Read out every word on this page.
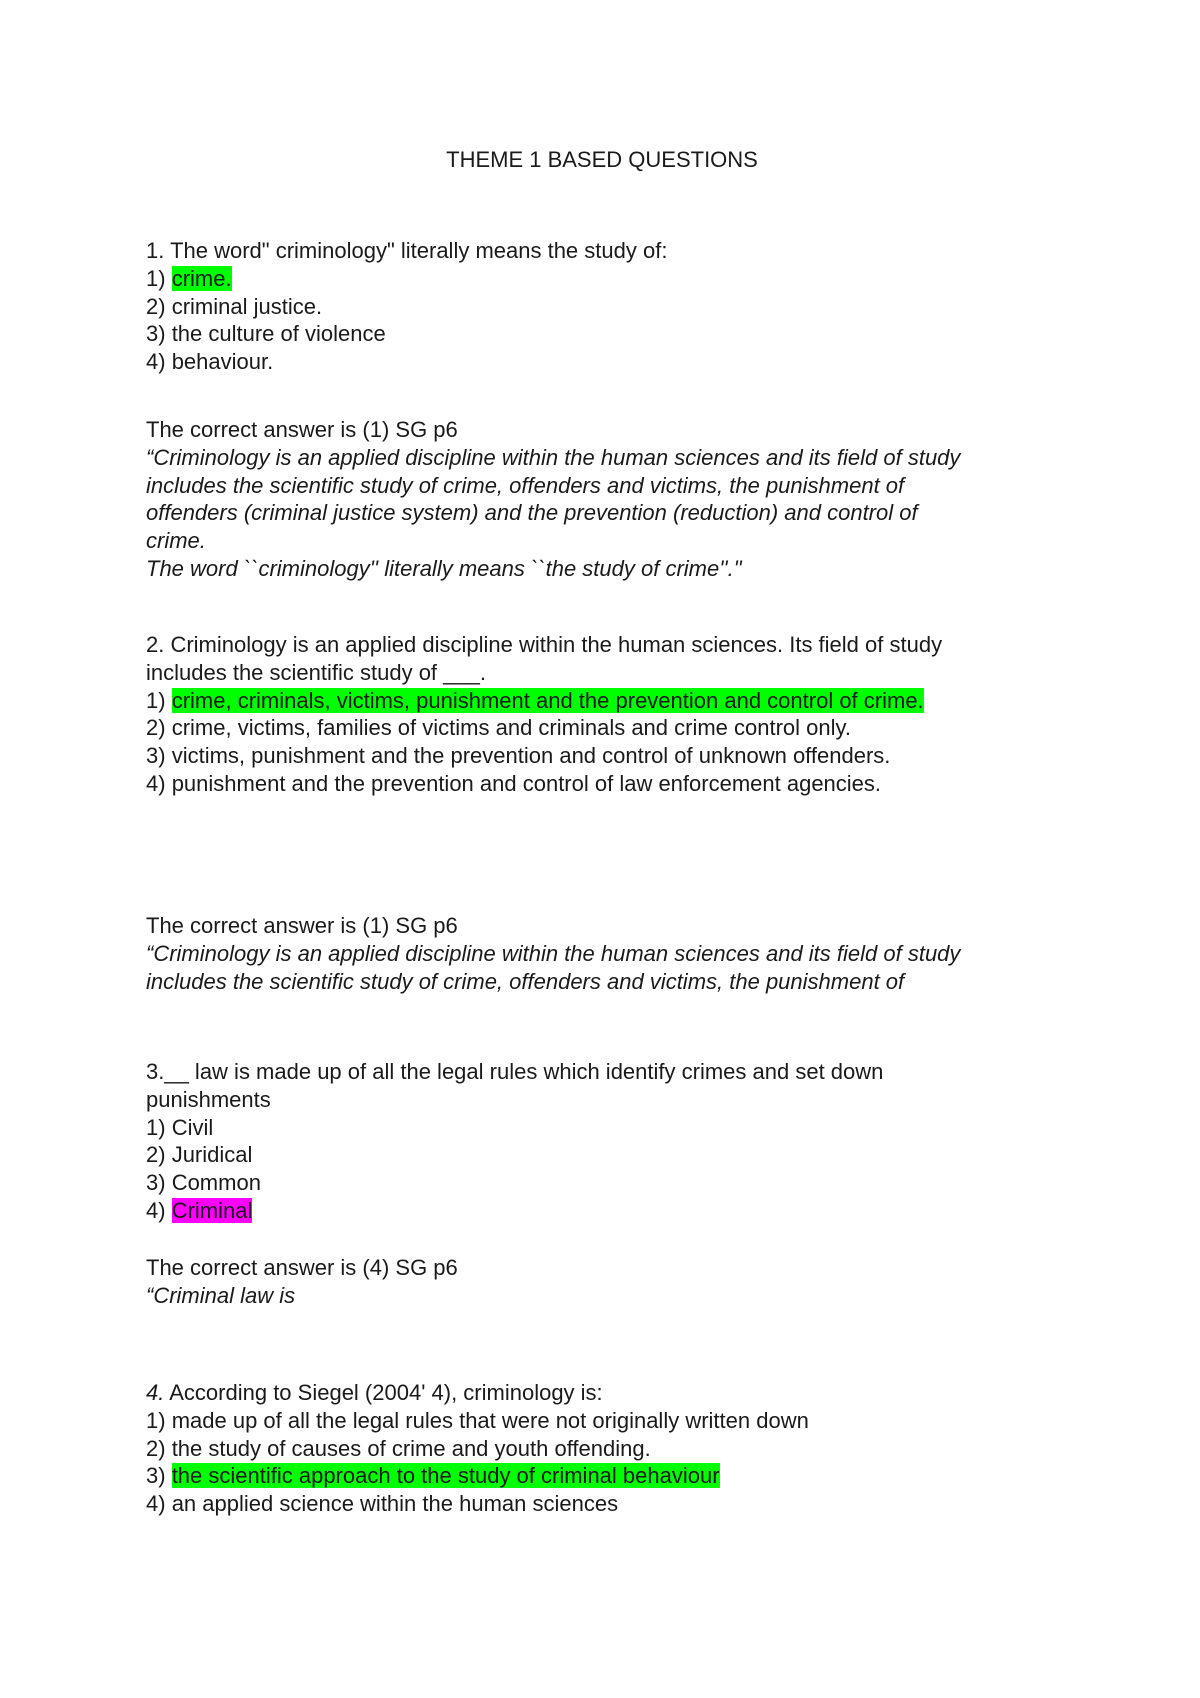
THEME 1 BASED QUESTIONS
1. The word" criminology" literally means the study of:
1) crime.
2) criminal justice.
3) the culture of violence
4) behaviour.
The correct answer is (1) SG p6
“Criminology is an applied discipline within the human sciences and its field of study
includes the scientific study of crime, offenders and victims, the punishment of
offenders (criminal justice system) and the prevention (reduction) and control of
crime.
The word ``criminology'' literally means ``the study of crime''."
2. Criminology is an applied discipline within the human sciences. Its field of study
includes the scientific study of ___.
1) crime, criminals, victims, punishment and the prevention and control of crime.
2) crime, victims, families of victims and criminals and crime control only.
3) victims, punishment and the prevention and control of unknown offenders.
4) punishment and the prevention and control of law enforcement agencies.
The correct answer is (1) SG p6
“Criminology is an applied discipline within the human sciences and its field of study
includes the scientific study of crime, offenders and victims, the punishment of
3.__ law is made up of all the legal rules which identify crimes and set down
punishments
1) Civil
2) Juridical
3) Common
4) Criminal
The correct answer is (4) SG p6
“Criminal law is
4. According to Siegel (2004' 4), criminology is:
1) made up of all the legal rules that were not originally written down
2) the study of causes of crime and youth offending.
3) the scientific approach to the study of criminal behaviour
4) an applied science within the human sciences
